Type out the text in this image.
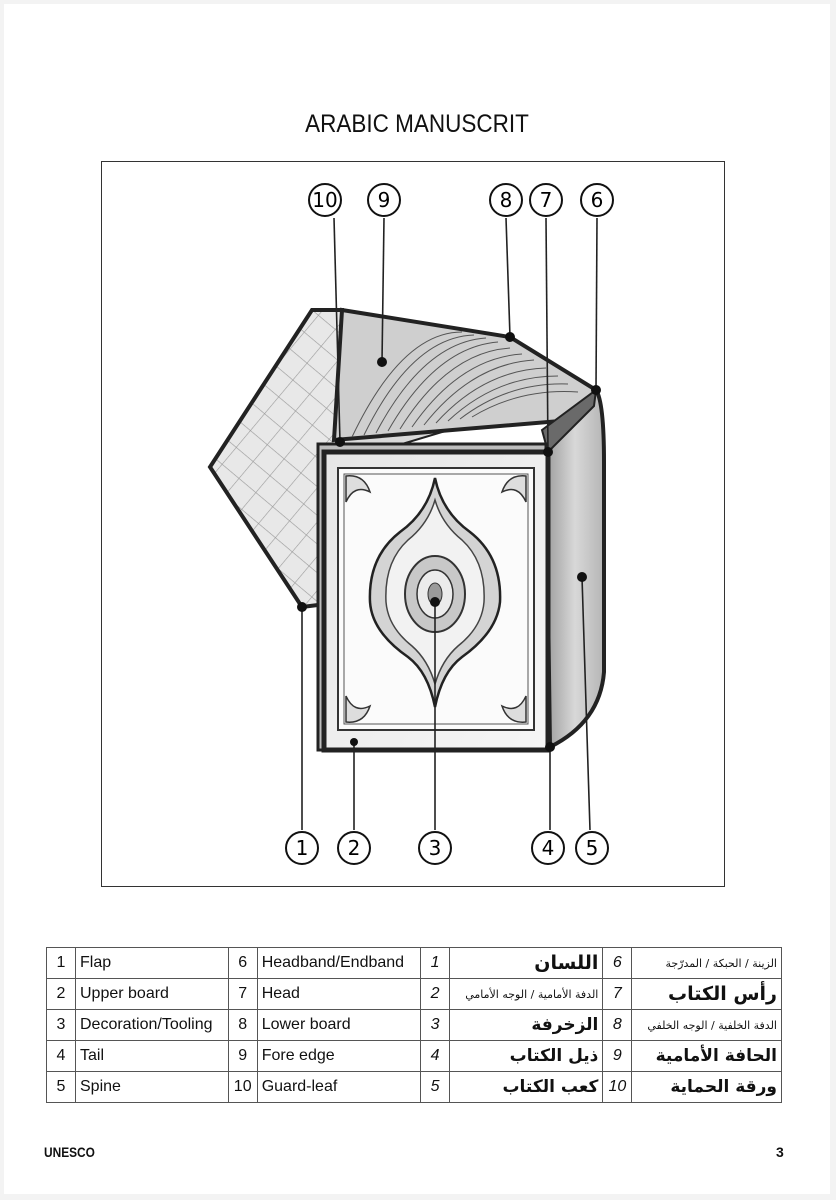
ARABIC MANUSCRIT
10 9	8 7 6
1 2	3	4 5
1	Flap	6	Headband/Endband	1	اللسان	6	الزينة / الحبكة / المدرّجة
2	Upper board	7	Head	2	الدفة الأمامية / الوجه الأمامي	7	رأس الكتاب
3	Decoration/Tooling	8	Lower board	3	الزخرفة	8	الدفة الخلفية / الوجه الخلفي
4	Tail	9	Fore edge	4	ذيل الكتاب	9	الحافة الأمامية
5	Spine	10	Guard-leaf	5	كعب الكتاب	10	ورقة الحماية
UNESCO	3
